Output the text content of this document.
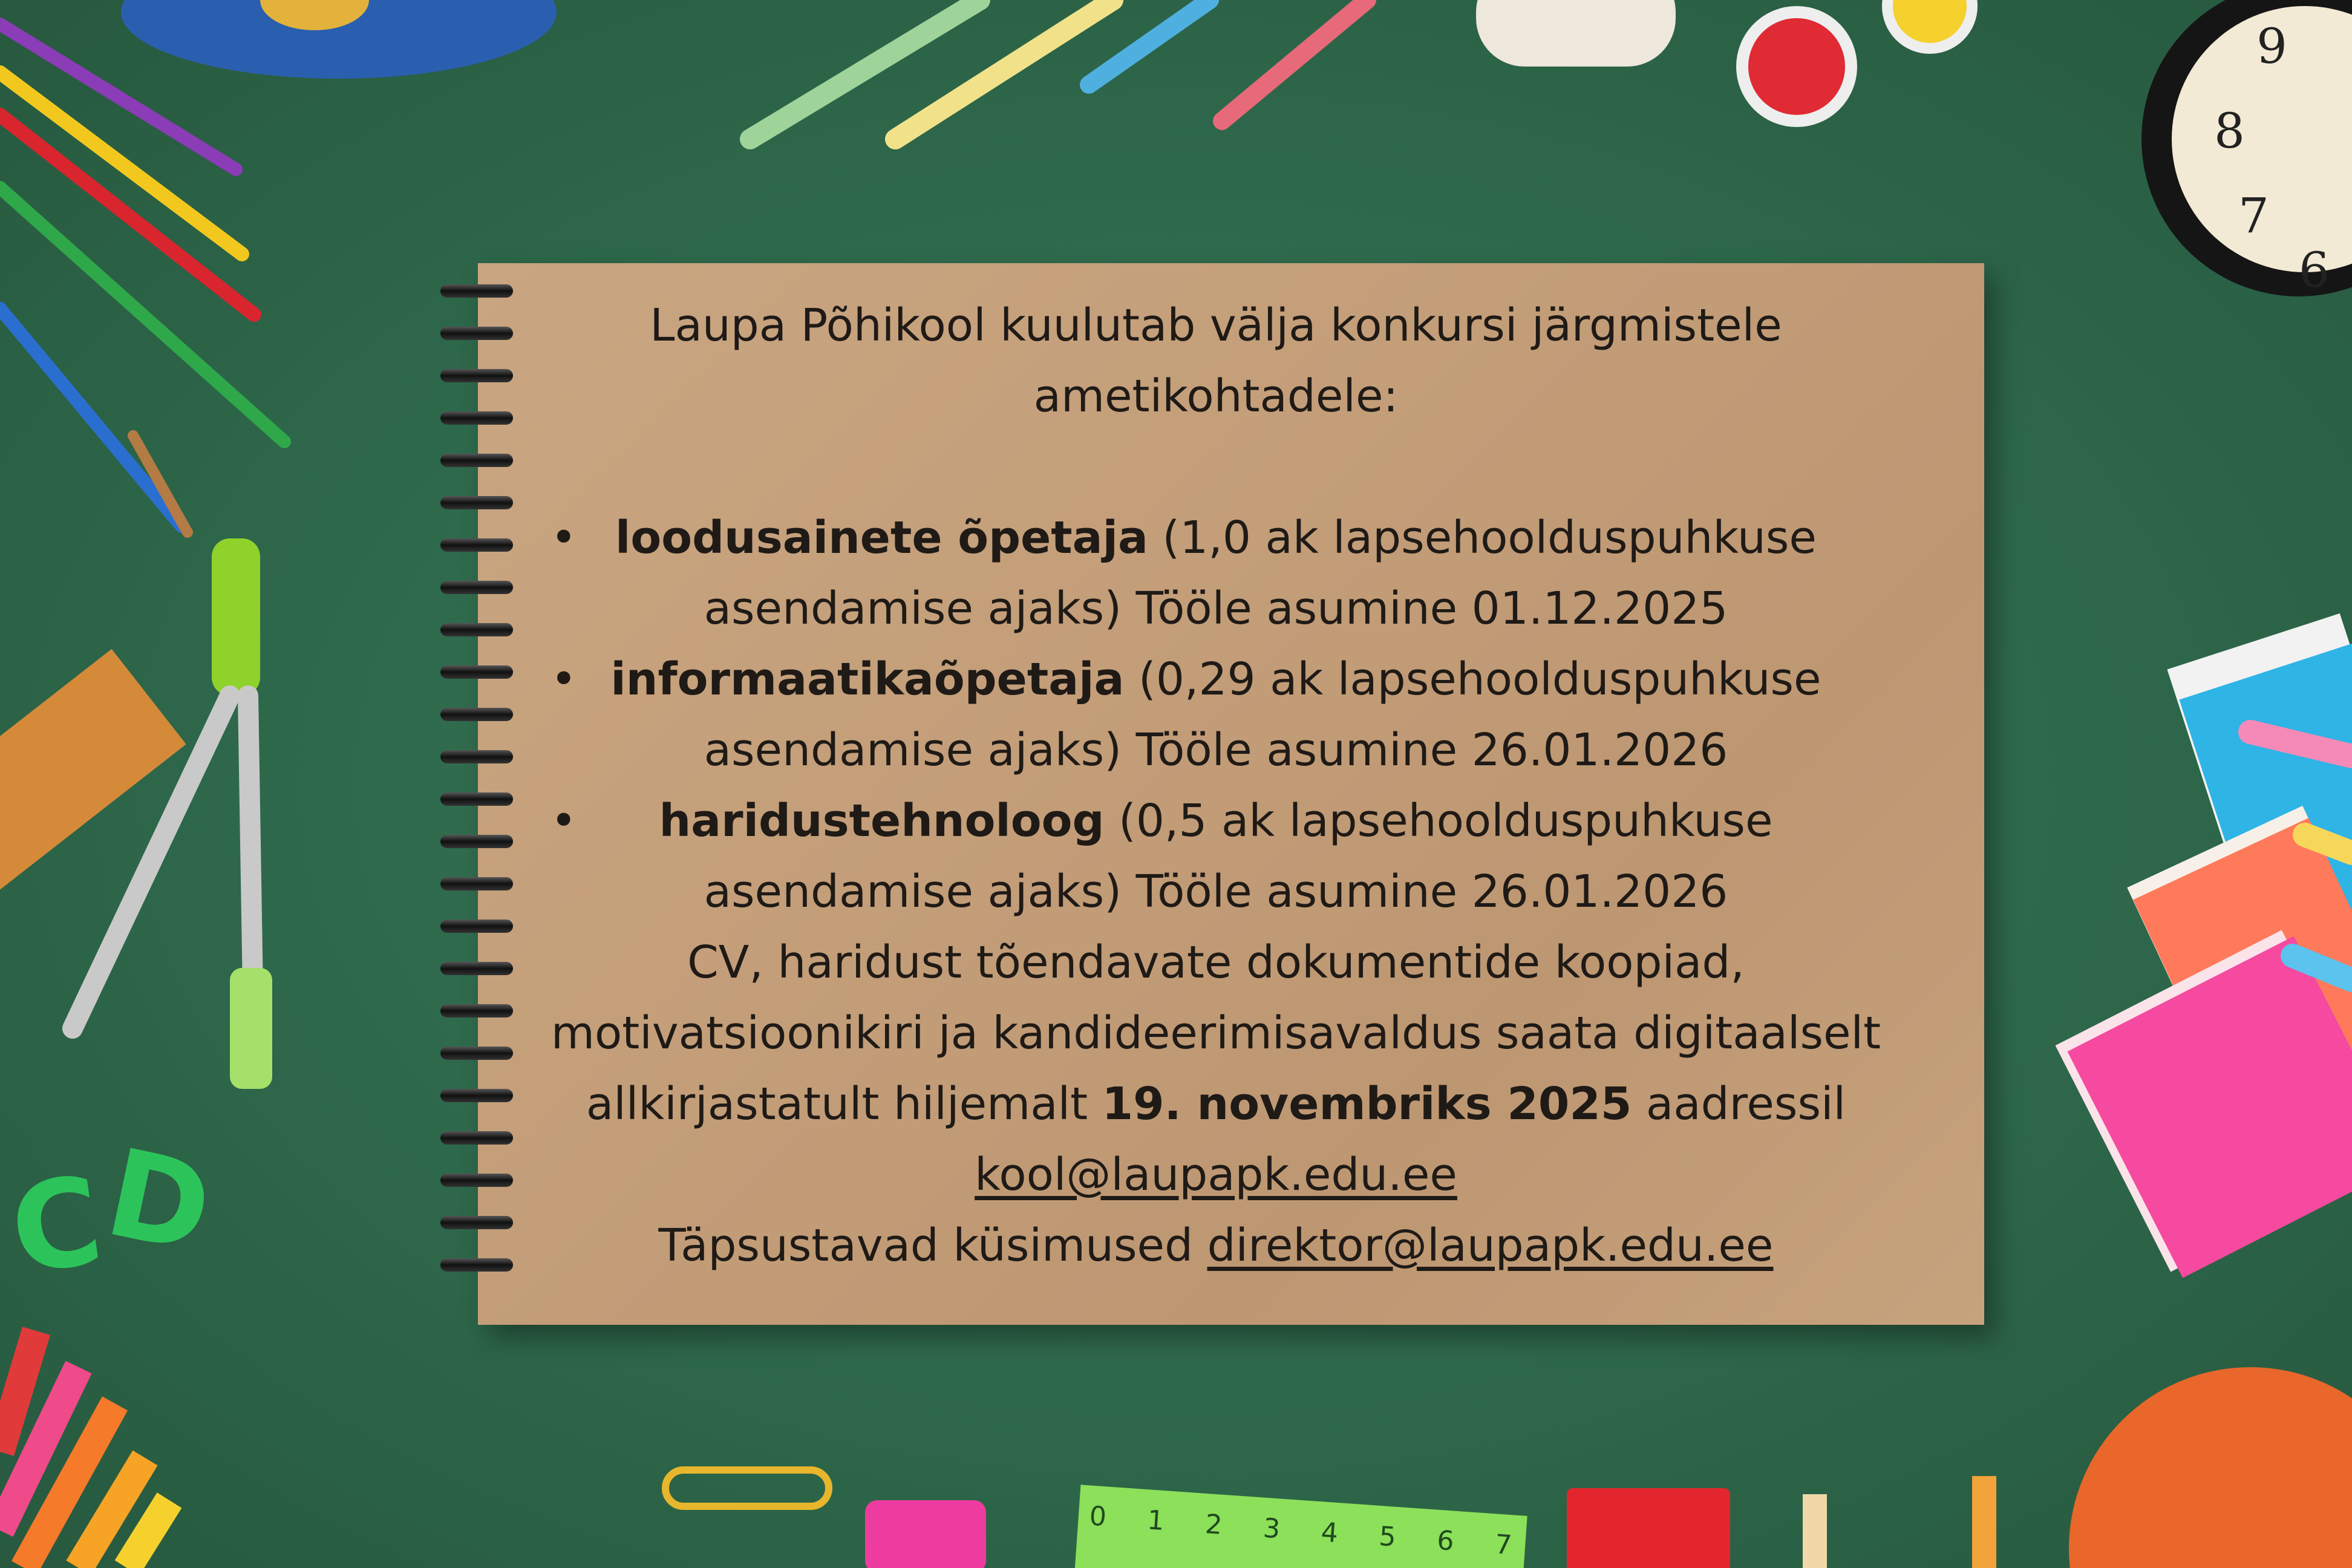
C
D
9
8
7
6
0 1 2 3 4 5 6 7

Laupa Põhikool kuulutab välja konkursi järgmistele

ametikohtadele:

• loodusainete õpetaja (1,0 ak lapsehoolduspuhkuse

asendamise ajaks) Tööle asumine 01.12.2025

• informaatikaõpetaja (0,29 ak lapsehoolduspuhkuse

asendamise ajaks) Tööle asumine 26.01.2026

•	haridustehnoloog (0,5 ak lapsehoolduspuhkuse

asendamise ajaks) Tööle asumine 26.01.2026

CV, haridust tõendavate dokumentide koopiad,

motivatsioonikiri ja kandideerimisavaldus saata digitaalselt

allkirjastatult hiljemalt 19. novembriks 2025 aadressil

kool@laupapk.edu.ee

Täpsustavad küsimused direktor@laupapk.edu.ee
